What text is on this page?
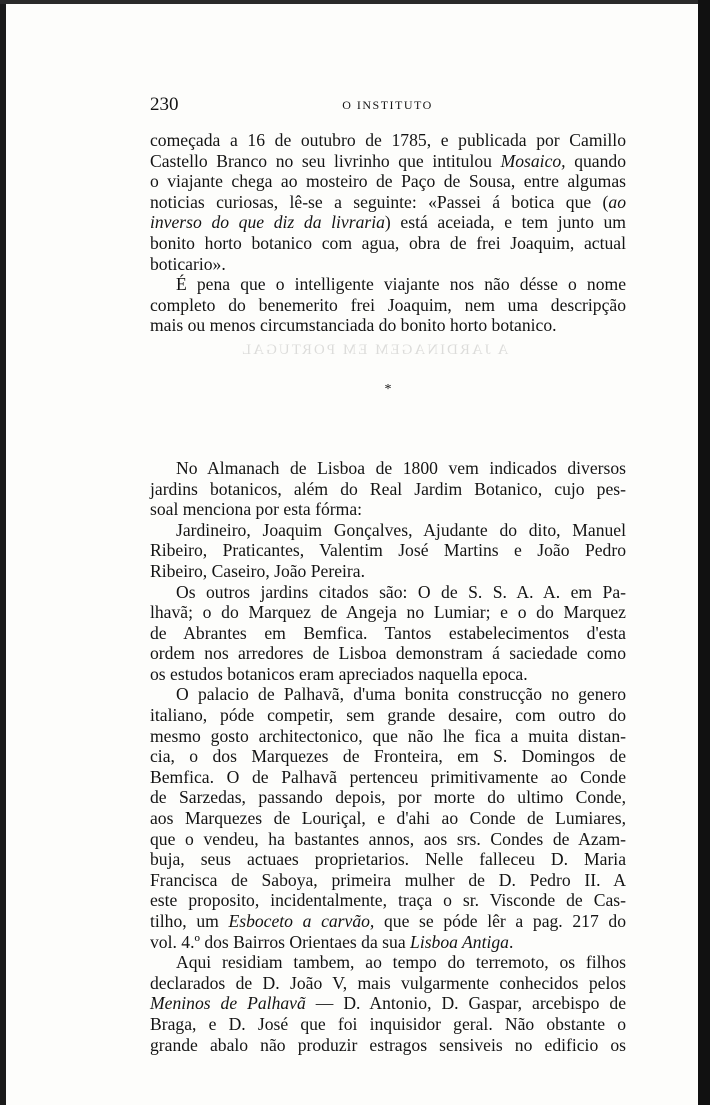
A JARDINAGEM EM PORTUGAL
230	O INSTITUTO
começada a 16 de outubro de 1785, e publicada por Camillo
Castello Branco no seu livrinho que intitulou Mosaico, quando
o viajante chega ao mosteiro de Paço de Sousa, entre algumas
noticias curiosas, lê-se a seguinte: «Passei á botica que (ao
inverso do que diz da livraria) está aceiada, e tem junto um
bonito horto botanico com agua, obra de frei Joaquim, actual
boticario».
É pena que o intelligente viajante nos não désse o nome
completo do benemerito frei Joaquim, nem uma descripção
mais ou menos circumstanciada do bonito horto botanico.
*
No Almanach de Lisboa de 1800 vem indicados diversos
jardins botanicos, além do Real Jardim Botanico, cujo pes-
soal menciona por esta fórma:
Jardineiro, Joaquim Gonçalves, Ajudante do dito, Manuel
Ribeiro, Praticantes, Valentim José Martins e João Pedro
Ribeiro, Caseiro, João Pereira.
Os outros jardins citados são: O de S. S. A. A. em Pa-
lhavã; o do Marquez de Angeja no Lumiar; e o do Marquez
de Abrantes em Bemfica. Tantos estabelecimentos d'esta
ordem nos arredores de Lisboa demonstram á saciedade como
os estudos botanicos eram apreciados naquella epoca.
O palacio de Palhavã, d'uma bonita construcção no genero
italiano, póde competir, sem grande desaire, com outro do
mesmo gosto architectonico, que não lhe fica a muita distan-
cia, o dos Marquezes de Fronteira, em S. Domingos de
Bemfica. O de Palhavã pertenceu primitivamente ao Conde
de Sarzedas, passando depois, por morte do ultimo Conde,
aos Marquezes de Louriçal, e d'ahi ao Conde de Lumiares,
que o vendeu, ha bastantes annos, aos srs. Condes de Azam-
buja, seus actuaes proprietarios. Nelle falleceu D. Maria
Francisca de Saboya, primeira mulher de D. Pedro II. A
este proposito, incidentalmente, traça o sr. Visconde de Cas-
tilho, um Esboceto a carvão, que se póde lêr a pag. 217 do
vol. 4.º dos Bairros Orientaes da sua Lisboa Antiga.
Aqui residiam tambem, ao tempo do terremoto, os filhos
declarados de D. João V, mais vulgarmente conhecidos pelos
Meninos de Palhavã — D. Antonio, D. Gaspar, arcebispo de
Braga, e D. José que foi inquisidor geral. Não obstante o
grande abalo não produzir estragos sensiveis no edificio os
